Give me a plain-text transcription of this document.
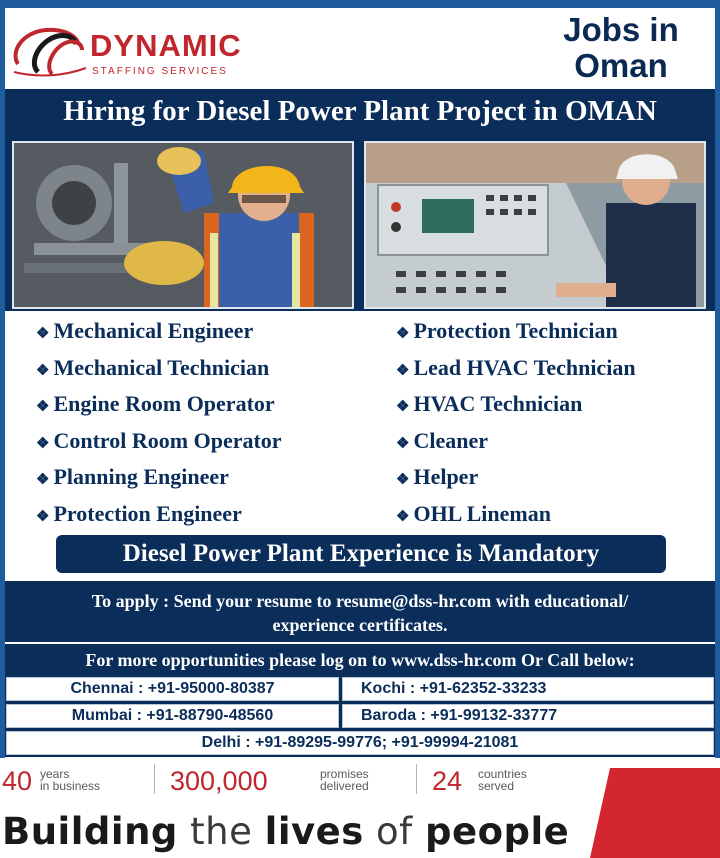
DYNAMIC
STAFFING SERVICES
Jobs in
Oman
Hiring for Diesel Power Plant Project in OMAN
❖ Mechanical Engineer
❖ Mechanical Technician
❖ Engine Room Operator
❖ Control Room Operator
❖ Planning Engineer
❖ Protection Engineer
❖ Protection Technician
❖ Lead HVAC Technician
❖ HVAC Technician
❖ Cleaner
❖ Helper
❖ OHL Lineman
Diesel Power Plant Experience is Mandatory
To apply : Send your resume to resume@dss-hr.com with educational/
experience certificates.
For more opportunities please log on to www.dss-hr.com Or Call below:
Chennai : +91-95000-80387	Kochi : +91-62352-33233
Mumbai : +91-88790-48560	Baroda : +91-99132-33777
Delhi : +91-89295-99776; +91-99994-21081
40 years
in business	300,000	promises
delivered 24 countries
served
Building the lives of people
